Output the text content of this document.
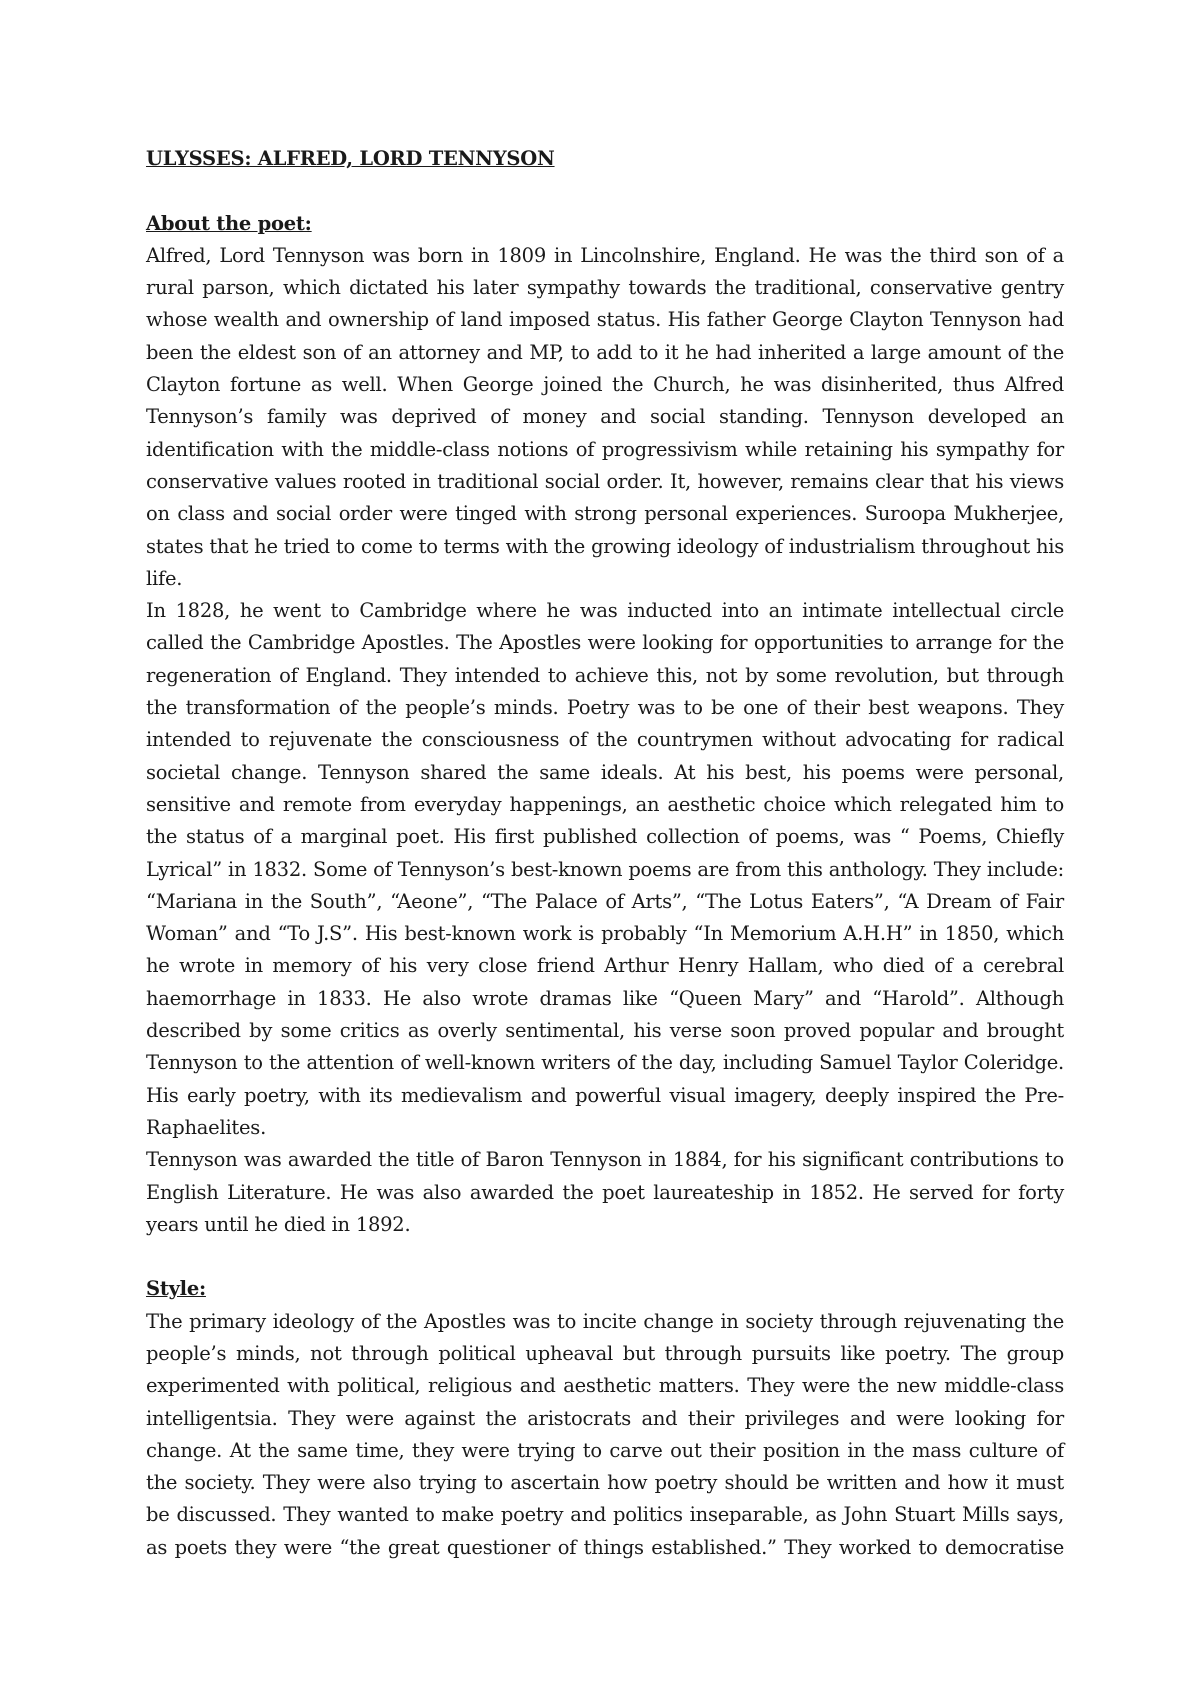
ULYSSES: ALFRED, LORD TENNYSON
About the poet:

Alfred, Lord Tennyson was born in 1809 in Lincolnshire, England. He was the third son of a rural parson, which dictated his later sympathy towards the traditional, conservative gentry whose wealth and ownership of land imposed status. His father George Clayton Tennyson had been the eldest son of an attorney and MP, to add to it he had inherited a large amount of the Clayton fortune as well. When George joined the Church, he was disinherited, thus Alfred Tennyson’s family was deprived of money and social standing. Tennyson developed an identification with the middle-class notions of progressivism while retaining his sympathy for conservative values rooted in traditional social order. It, however, remains clear that his views on class and social order were tinged with strong personal experiences. Suroopa Mukherjee, states that he tried to come to terms with the growing ideology of industrialism throughout his life.

In 1828, he went to Cambridge where he was inducted into an intimate intellectual circle called the Cambridge Apostles. The Apostles were looking for opportunities to arrange for the regeneration of England. They intended to achieve this, not by some revolution, but through the transformation of the people’s minds. Poetry was to be one of their best weapons. They intended to rejuvenate the consciousness of the countrymen without advocating for radical societal change. Tennyson shared the same ideals. At his best, his poems were personal, sensitive and remote from everyday happenings, an aesthetic choice which relegated him to the status of a marginal poet. His first published collection of poems, was “ Poems, Chiefly Lyrical” in 1832. Some of Tennyson’s best-known poems are from this anthology. They include: “Mariana in the South”, “Aeone”, “The Palace of Arts”, “The Lotus Eaters”, “A Dream of Fair Woman” and “To J.S”. His best-known work is probably “In Memorium A.H.H” in 1850, which he wrote in memory of his very close friend Arthur Henry Hallam, who died of a cerebral haemorrhage in 1833. He also wrote dramas like “Queen Mary” and “Harold”. Although described by some critics as overly sentimental, his verse soon proved popular and brought Tennyson to the attention of well-known writers of the day, including Samuel Taylor Coleridge. His early poetry, with its medievalism and powerful visual imagery, deeply inspired the Pre-Raphaelites.

Tennyson was awarded the title of Baron Tennyson in 1884, for his significant contributions to English Literature. He was also awarded the poet laureateship in 1852. He served for forty years until he died in 1892.

Style:

The primary ideology of the Apostles was to incite change in society through rejuvenating the people’s minds, not through political upheaval but through pursuits like poetry. The group experimented with political, religious and aesthetic matters. They were the new middle-class intelligentsia. They were against the aristocrats and their privileges and were looking for change. At the same time, they were trying to carve out their position in the mass culture of the society. They were also trying to ascertain how poetry should be written and how it must be discussed. They wanted to make poetry and politics inseparable, as John Stuart Mills says, as poets they were “the great questioner of things established.” They worked to democratise
